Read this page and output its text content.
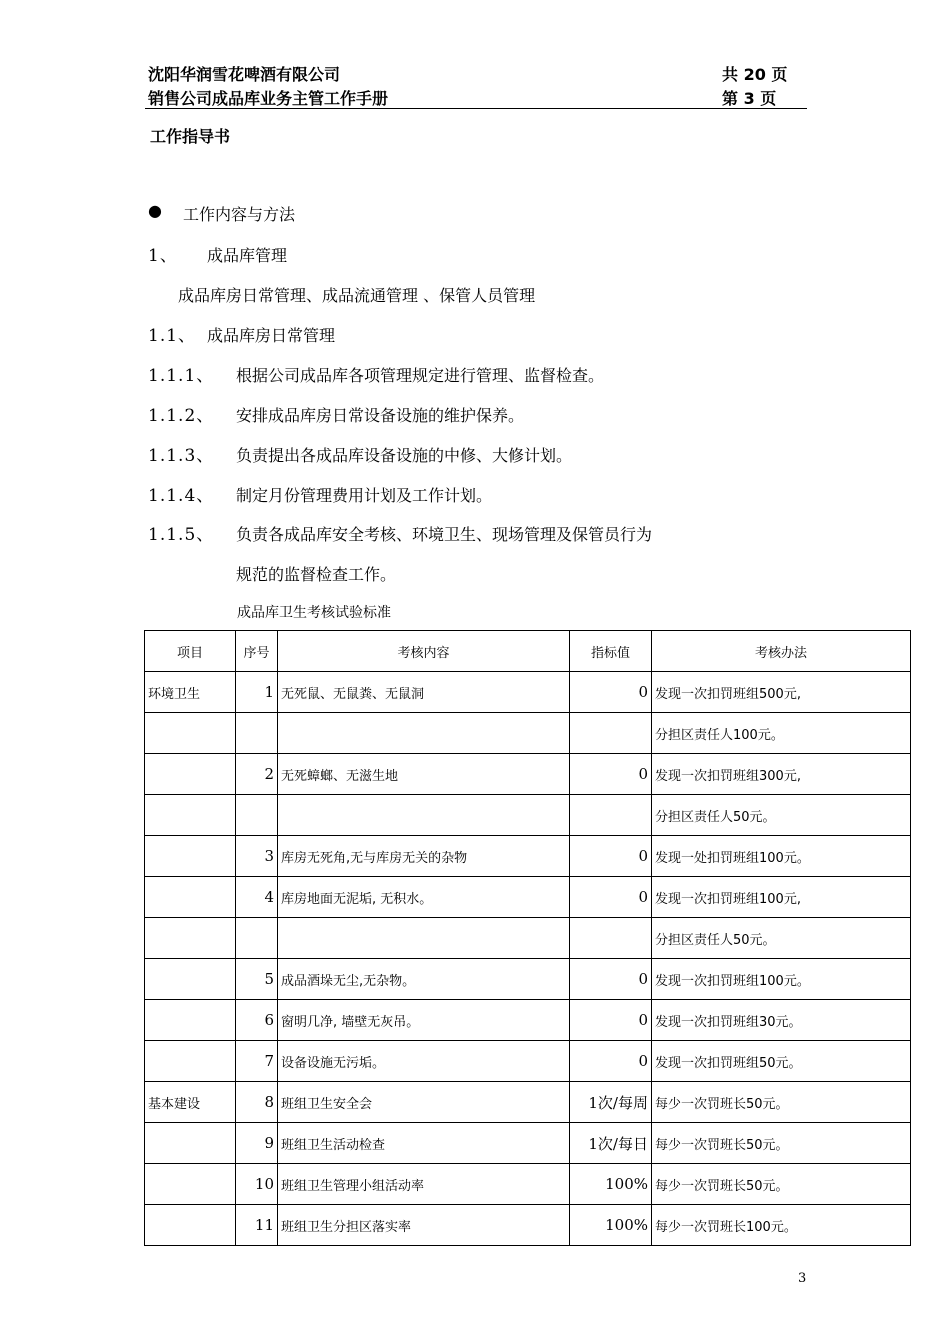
沈阳华润雪花啤酒有限公司
销售公司成品库业务主管工作手册
共 20 页
第 3 页
工作指导书
● 工作内容与方法
1、 成品库管理
成品库房日常管理、成品流通管理 、保管人员管理
1.1、 成品库房日常管理
1.1.1、 根据公司成品库各项管理规定进行管理、监督检查。
1.1.2、 安排成品库房日常设备设施的维护保养。
1.1.3、 负责提出各成品库设备设施的中修、大修计划。
1.1.4、 制定月份管理费用计划及工作计划。
1.1.5、 负责各成品库安全考核、环境卫生、现场管理及保管员行为
规范的监督检查工作。
成品库卫生考核试验标准
项目	序号	考核内容	指标值	考核办法
环境卫生	1	无死鼠、无鼠粪、无鼠洞	0	发现一次扣罚班组500元,
				分担区责任人100元。
	2	无死蟑螂、无滋生地	0	发现一次扣罚班组300元,
				分担区责任人50元。
	3	库房无死角,无与库房无关的杂物	0	发现一处扣罚班组100元。
	4	库房地面无泥垢, 无积水。	0	发现一次扣罚班组100元,
				分担区责任人50元。
	5	成品酒垛无尘,无杂物。	0	发现一次扣罚班组100元。
	6	窗明几净, 墙壁无灰吊。	0	发现一次扣罚班组30元。
	7	设备设施无污垢。	0	发现一次扣罚班组50元。
基本建设	8	班组卫生安全会	1次/每周	每少一次罚班长50元。
	9	班组卫生活动检查	1次/每日	每少一次罚班长50元。
	10	班组卫生管理小组活动率	100%	每少一次罚班长50元。
	11	班组卫生分担区落实率	100%	每少一次罚班长100元。
3
